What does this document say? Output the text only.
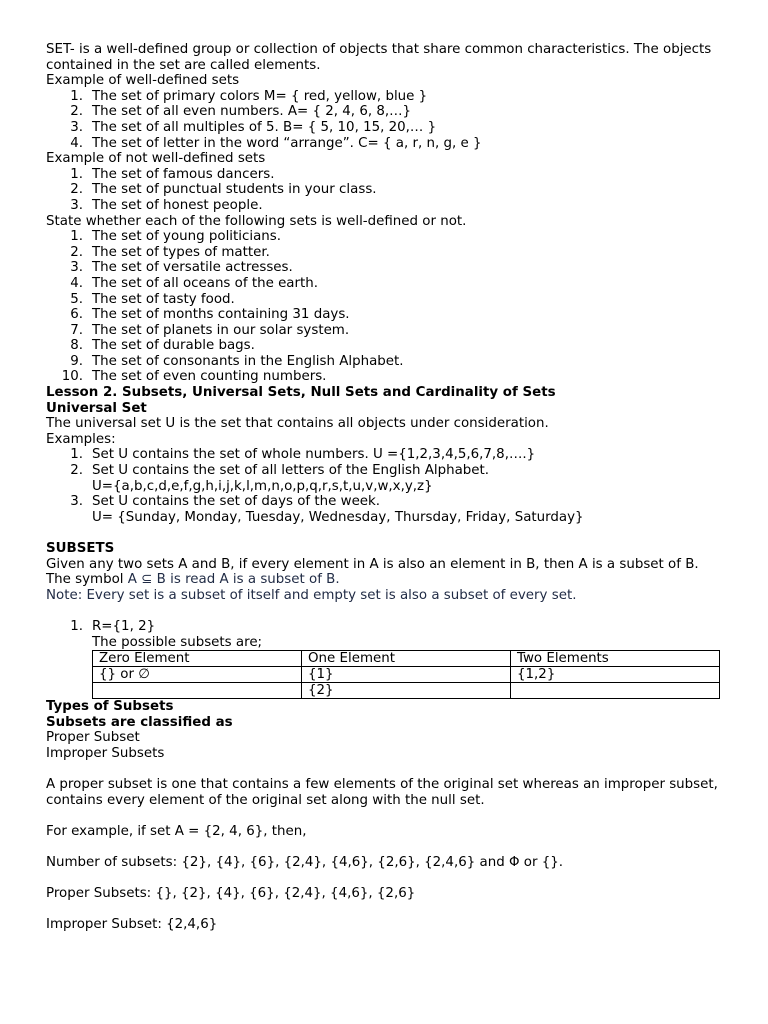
SET- is a well-defined group or collection of objects that share common characteristics. The objects contained in the set are called elements.

Example of well-defined sets

1. The set of primary colors M= { red, yellow, blue }
2. The set of all even numbers. A= { 2, 4, 6, 8,…}
3. The set of all multiples of 5. B= { 5, 10, 15, 20,… }
4. The set of letter in the word “arrange”. C= { a, r, n, g, e }

Example of not well-defined sets

1. The set of famous dancers.
2. The set of punctual students in your class.
3. The set of honest people.

State whether each of the following sets is well-defined or not.

1. The set of young politicians.
2. The set of types of matter.
3. The set of versatile actresses.
4. The set of all oceans of the earth.
5. The set of tasty food.
6. The set of months containing 31 days.
7. The set of planets in our solar system.
8. The set of durable bags.
9. The set of consonants in the English Alphabet.
10. The set of even counting numbers.

Lesson 2. Subsets, Universal Sets, Null Sets and Cardinality of Sets

Universal Set

The universal set U is the set that contains all objects under consideration.

Examples:

1. Set U contains the set of whole numbers. U ={1,2,3,4,5,6,7,8,….}
2. Set U contains the set of all letters of the English Alphabet.
U={a,b,c,d,e,f,g,h,i,j,k,l,m,n,o,p,q,r,s,t,u,v,w,x,y,z}
3. Set U contains the set of days of the week.
U= {Sunday, Monday, Tuesday, Wednesday, Thursday, Friday, Saturday}

SUBSETS

Given any two sets A and B, if every element in A is also an element in B, then A is a subset of B. The symbol A ⊆ B is read A is a subset of B.

Note: Every set is a subset of itself and empty set is also a subset of every set.

1. R={1, 2}
The possible subsets are;
Zero Element	One Element	Two Elements
{} or ∅	{1}	{1,2}
	{2}	

Types of Subsets

Subsets are classified as

Proper Subset

Improper Subsets

A proper subset is one that contains a few elements of the original set whereas an improper subset, contains every element of the original set along with the null set.

For example, if set A = {2, 4, 6}, then,

Number of subsets: {2}, {4}, {6}, {2,4}, {4,6}, {2,6}, {2,4,6} and Φ or {}.

Proper Subsets: {}, {2}, {4}, {6}, {2,4}, {4,6}, {2,6}

Improper Subset: {2,4,6}
